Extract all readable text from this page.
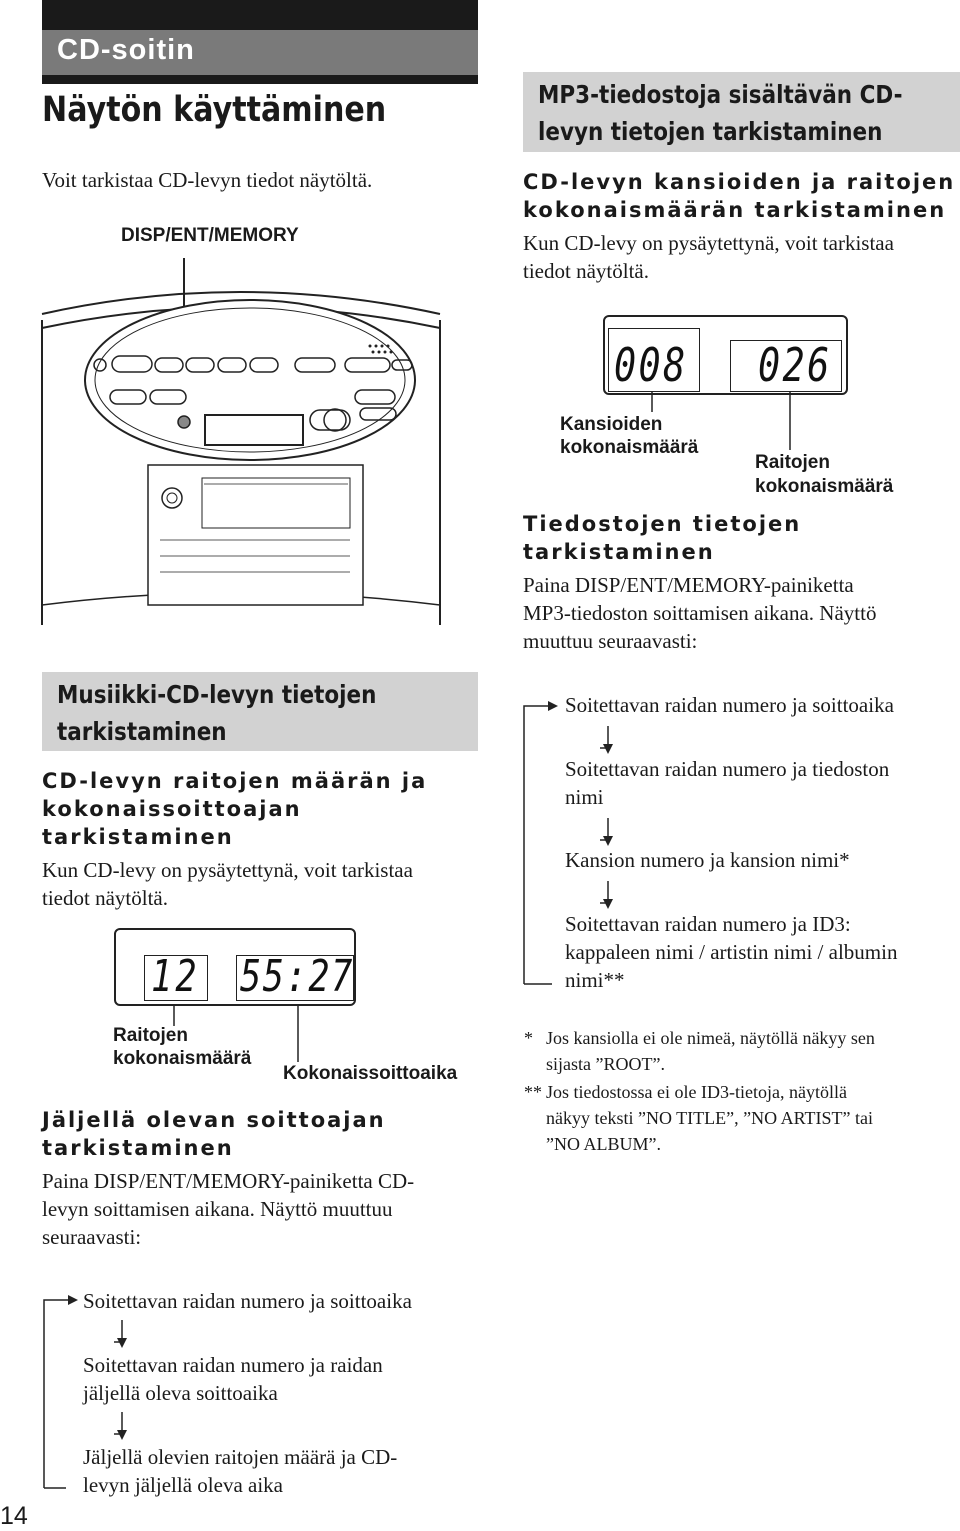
CD-soitin
Näytön käyttäminen
Voit tarkistaa CD-levyn tiedot näytöltä.
DISP/ENT/MEMORY
Musiikki-CD-levyn tietojen
tarkistaminen
CD-levyn raitojen määrän ja
kokonaissoittoajan
tarkistaminen
Kun CD-levy on pysäytettynä, voit tarkistaa
tiedot näytöltä.
12 55:27
Raitojen
kokonaismäärä
Kokonaissoittoaika
Jäljellä olevan soittoajan
tarkistaminen
Paina DISP/ENT/MEMORY-painiketta CD-
levyn soittamisen aikana. Näyttö muuttuu
seuraavasti:
Soitettavan raidan numero ja soittoaika
Soitettavan raidan numero ja raidan
jäljellä oleva soittoaika
Jäljellä olevien raitojen määrä ja CD-
levyn jäljellä oleva aika
14
MP3-tiedostoja sisältävän CD-
levyn tietojen tarkistaminen
CD-levyn kansioiden ja raitojen
kokonaismäärän tarkistaminen
Kun CD-levy on pysäytettynä, voit tarkistaa
tiedot näytöltä.
008 026
Kansioiden
kokonaismäärä
Raitojen
kokonaismäärä
Tiedostojen tietojen
tarkistaminen
Paina DISP/ENT/MEMORY-painiketta
MP3-tiedoston soittamisen aikana. Näyttö
muuttuu seuraavasti:
Soitettavan raidan numero ja soittoaika
Soitettavan raidan numero ja tiedoston
nimi
Kansion numero ja kansion nimi*
Soitettavan raidan numero ja ID3:
kappaleen nimi / artistin nimi / albumin
nimi**
* Jos kansiolla ei ole nimeä, näytöllä näkyy sen
sijasta ”ROOT”.
** Jos tiedostossa ei ole ID3-tietoja, näytöllä
näkyy teksti ”NO TITLE”, ”NO ARTIST” tai
”NO ALBUM”.
